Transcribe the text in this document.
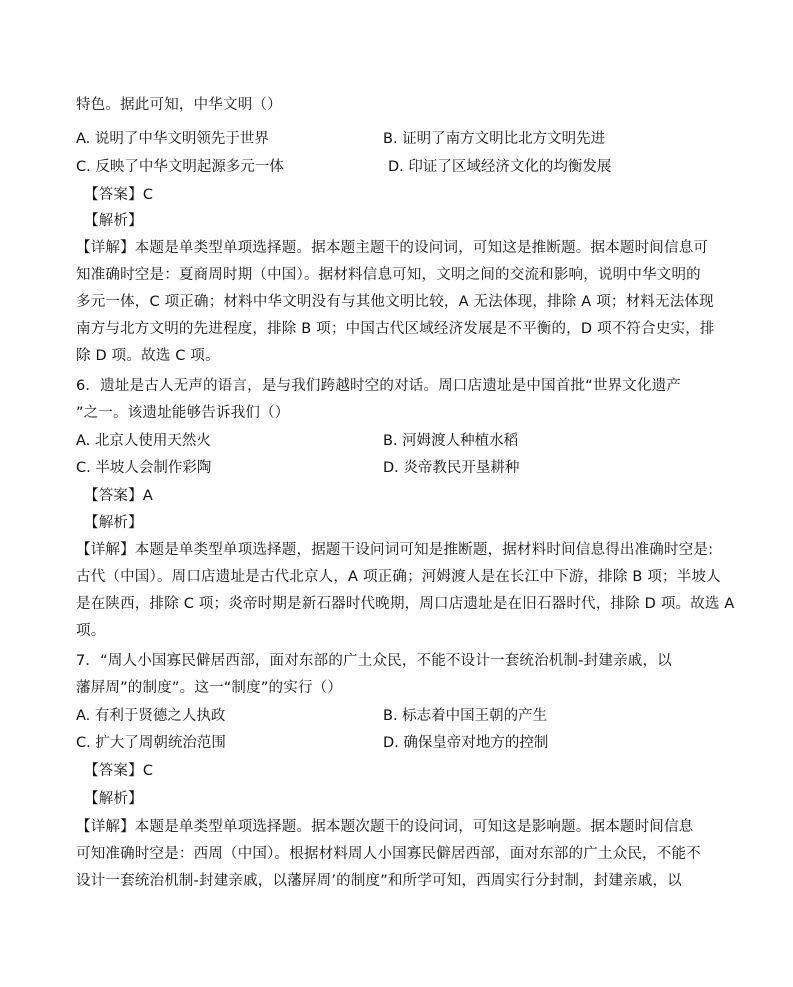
特色。据此可知，中华文明（）
A. 说明了中华文明领先于世界	B. 证明了南方文明比北方文明先进
C. 反映了中华文明起源多元一体	D. 印证了区域经济文化的均衡发展
【答案】C
【解析】
【详解】本题是单类型单项选择题。据本题主题干的设问词，可知这是推断题。据本题时间信息可
知准确时空是：夏商周时期（中国）。据材料信息可知，文明之间的交流和影响，说明中华文明的
多元一体，C 项正确；材料中华文明没有与其他文明比较，A 无法体现，排除 A 项；材料无法体现
南方与北方文明的先进程度，排除 B 项；中国古代区域经济发展是不平衡的，D 项不符合史实，排
除 D 项。故选 C 项。
6．遗址是古人无声的语言，是与我们跨越时空的对话。周口店遗址是中国首批“世界文化遗产
”之一。该遗址能够告诉我们（）
A. 北京人使用天然火	B. 河姆渡人种植水稻
C. 半坡人会制作彩陶	D. 炎帝教民开垦耕种
【答案】A
【解析】
【详解】本题是单类型单项选择题，据题干设问词可知是推断题，据材料时间信息得出准确时空是:
古代（中国）。周口店遗址是古代北京人，A 项正确；河姆渡人是在长江中下游，排除 B 项；半坡人
是在陕西，排除 C 项；炎帝时期是新石器时代晚期，周口店遗址是在旧石器时代，排除 D 项。故选 A
项。
7．“周人小国寡民僻居西部，面对东部的广土众民，不能不设计一套统治机制-封建亲戚，以
藩屏周”的制度”。这一“制度”的实行（）
A. 有利于贤德之人执政	B. 标志着中国王朝的产生
C. 扩大了周朝统治范围	D. 确保皇帝对地方的控制
【答案】C
【解析】
【详解】本题是单类型单项选择题。据本题次题干的设问词，可知这是影响题。据本题时间信息
可知准确时空是：西周（中国）。根据材料周人小国寡民僻居西部，面对东部的广土众民，不能不
设计一套统治机制-封建亲戚，以藩屏周’的制度”和所学可知，西周实行分封制，封建亲戚，以
